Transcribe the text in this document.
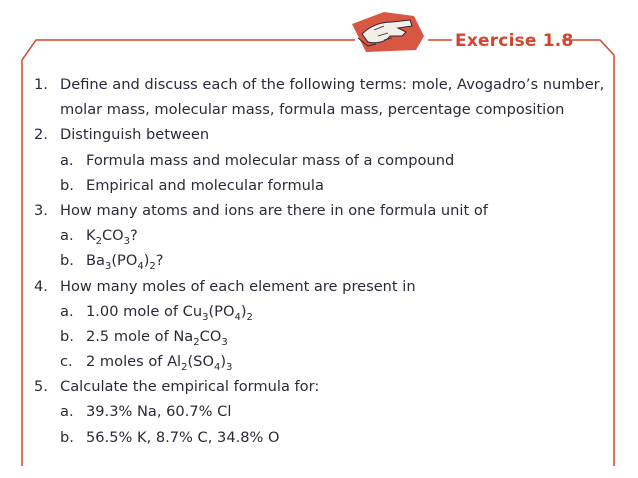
Exercise 1.8
1. Define and discuss each of the following terms: mole, Avogadro’s number,
molar mass, molecular mass, formula mass, percentage composition
2. Distinguish between
a. Formula mass and molecular mass of a compound
b. Empirical and molecular formula
3. How many atoms and ions are there in one formula unit of
a. $K_2CO_3$?
b. $Ba_3(PO_4)_2$?
4. How many moles of each element are present in
a. 1.00 mole of $Cu_3(PO_4)_2$
b. 2.5 mole of $Na_2CO_3$
c. 2 moles of $Al_2(SO_4)_3$
5. Calculate the empirical formula for:
a. 39.3% Na, 60.7% Cl
b. 56.5% K, 8.7% C, 34.8% O
